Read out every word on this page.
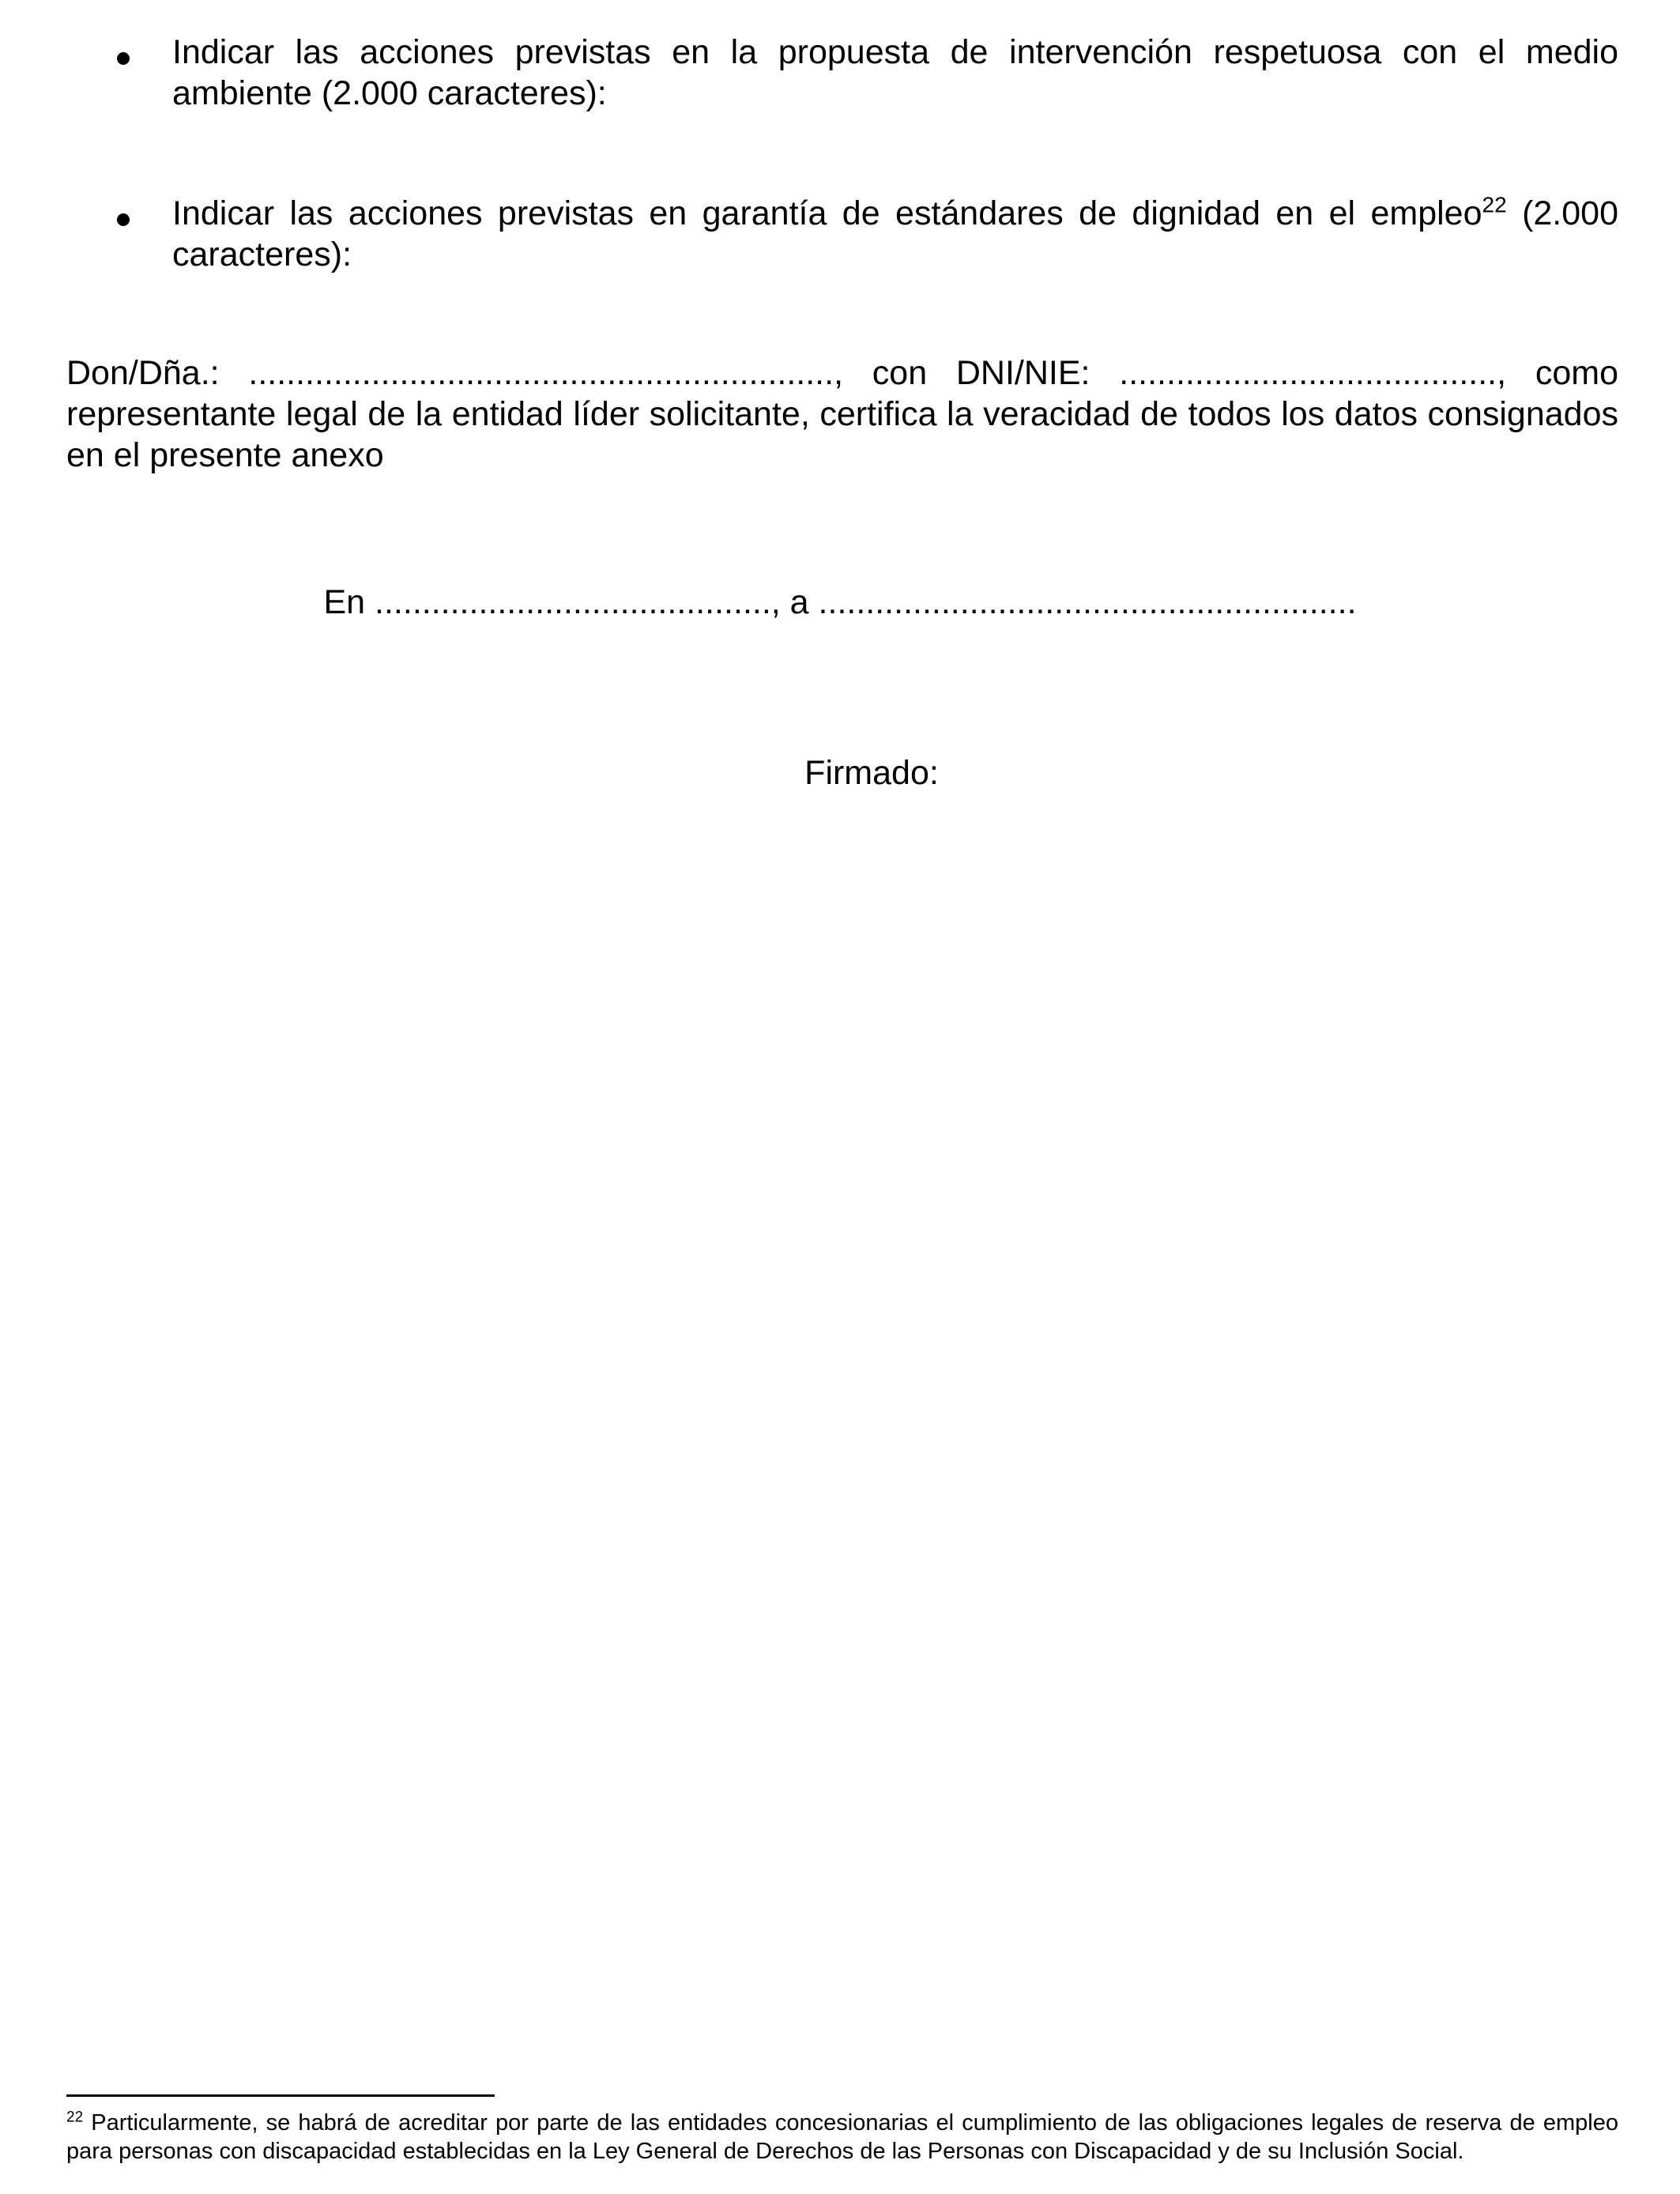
Indicar las acciones previstas en la propuesta de intervención respetuosa con el medio ambiente (2.000 caracteres):
Indicar las acciones previstas en garantía de estándares de dignidad en el empleo$^{22}$ (2.000 caracteres):
Don/Dña.: .............................................................., con DNI/NIE: ........................................, como representante legal de la entidad líder solicitante, certifica la veracidad de todos los datos consignados en el presente anexo
En .........................................., a .........................................................
Firmado:
$^{22}$ Particularmente, se habrá de acreditar por parte de las entidades concesionarias el cumplimiento de las obligaciones legales de reserva de empleo para personas con discapacidad establecidas en la Ley General de Derechos de las Personas con Discapacidad y de su Inclusión Social.
